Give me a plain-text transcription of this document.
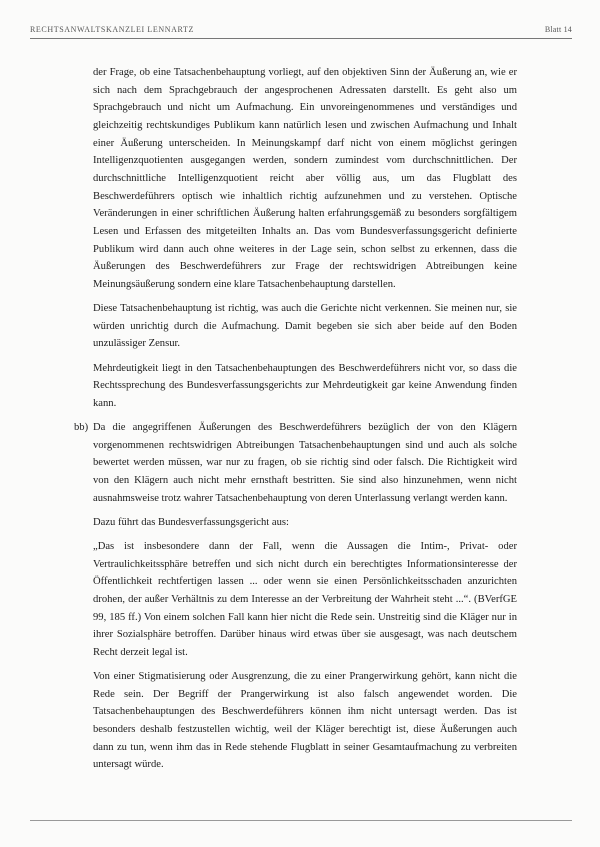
RECHTSANWALTSKANZLEI LENNARTZ	Blatt 14

der Frage, ob eine Tatsachenbehauptung vorliegt, auf den objektiven Sinn der Äußerung an, wie er sich nach dem Sprachgebrauch der angesprochenen Adressaten darstellt. Es geht also um Sprachgebrauch und nicht um Aufmachung. Ein unvoreingenommenes und verständiges und gleichzeitig rechtskundiges Publikum kann natürlich lesen und zwischen Aufmachung und Inhalt einer Äußerung unterscheiden. In Meinungskampf darf nicht von einem möglichst geringen Intelligenzquotienten ausgegangen werden, sondern zumindest vom durchschnittlichen. Der durchschnittliche Intelligenzquotient reicht aber völlig aus, um das Flugblatt des Beschwerdeführers optisch wie inhaltlich richtig aufzunehmen und zu verstehen. Optische Veränderungen in einer schriftlichen Äußerung halten erfahrungsgemäß zu besonders sorgfältigem Lesen und Erfassen des mitgeteilten Inhalts an. Das vom Bundesverfassungsgericht definierte Publikum wird dann auch ohne weiteres in der Lage sein, schon selbst zu erkennen, dass die Äußerungen des Beschwerdeführers zur Frage der rechtswidrigen Abtreibungen keine Meinungsäußerung sondern eine klare Tatsachenbehauptung darstellen.

Diese Tatsachenbehauptung ist richtig, was auch die Gerichte nicht verkennen. Sie meinen nur, sie würden unrichtig durch die Aufmachung. Damit begeben sie sich aber beide auf den Boden unzulässiger Zensur.

Mehrdeutigkeit liegt in den Tatsachenbehauptungen des Beschwerdeführers nicht vor, so dass die Rechtssprechung des Bundesverfassungsgerichts zur Mehrdeutigkeit gar keine Anwendung finden kann.

bb) Da die angegriffenen Äußerungen des Beschwerdeführers bezüglich der von den Klägern vorgenommenen rechtswidrigen Abtreibungen Tatsachenbehauptungen sind und auch als solche bewertet werden müssen, war nur zu fragen, ob sie richtig sind oder falsch. Die Richtigkeit wird von den Klägern auch nicht mehr ernsthaft bestritten. Sie sind also hinzunehmen, wenn nicht ausnahmsweise trotz wahrer Tatsachenbehauptung von deren Unterlassung verlangt werden kann.

Dazu führt das Bundesverfassungsgericht aus:

„Das ist insbesondere dann der Fall, wenn die Aussagen die Intim-, Privat- oder Vertraulichkeitssphäre betreffen und sich nicht durch ein berechtigtes Informationsinteresse der Öffentlichkeit rechtfertigen lassen ... oder wenn sie einen Persönlichkeitsschaden anzurichten drohen, der außer Verhältnis zu dem Interesse an der Verbreitung der Wahrheit steht ...“. (BVerfGE 99, 185 ff.) Von einem solchen Fall kann hier nicht die Rede sein. Unstreitig sind die Kläger nur in ihrer Sozialsphäre betroffen. Darüber hinaus wird etwas über sie ausgesagt, was nach deutschem Recht derzeit legal ist.

Von einer Stigmatisierung oder Ausgrenzung, die zu einer Prangerwirkung gehört, kann nicht die Rede sein. Der Begriff der Prangerwirkung ist also falsch angewendet worden. Die Tatsachenbehauptungen des Beschwerdeführers können ihm nicht untersagt werden. Das ist besonders deshalb festzustellen wichtig, weil der Kläger berechtigt ist, diese Äußerungen auch dann zu tun, wenn ihm das in Rede stehende Flugblatt in seiner Gesamtaufmachung zu verbreiten untersagt würde.
